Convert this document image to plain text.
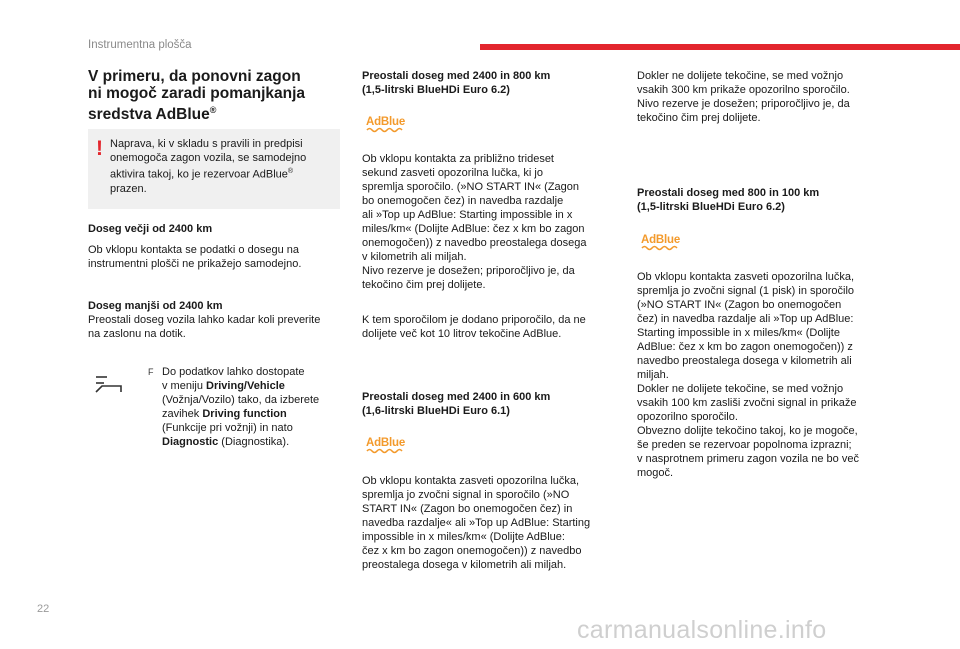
Instrumentna plošča
V primeru, da ponovni zagon
ni mogoč zaradi pomanjkanja
sredstva AdBlue®
! Naprava, ki v skladu s pravili in predpisi
onemogoča zagon vozila, se samodejno
aktivira takoj, ko je rezervoar AdBlue®
prazen.
Doseg večji od 2400 km
Ob vklopu kontakta se podatki o dosegu na
instrumentni plošči ne prikažejo samodejno.
Doseg manjši od 2400 km
Preostali doseg vozila lahko kadar koli preverite
na zaslonu na dotik.
F Do podatkov lahko dostopate
v meniju Driving/Vehicle
(Vožnja/Vozilo) tako, da izberete
zavihek Driving function
(Funkcije pri vožnji) in nato
Diagnostic (Diagnostika).
Preostali doseg med 2400 in 800 km
(1,5-litrski BlueHDi Euro 6.2)
AdBlue
Ob vklopu kontakta za približno trideset
sekund zasveti opozorilna lučka, ki jo
spremlja sporočilo. (»NO START IN« (Zagon
bo onemogočen čez) in navedba razdalje
ali »Top up AdBlue: Starting impossible in x
miles/km« (Dolijte AdBlue: čez x km bo zagon
onemogočen)) z navedbo preostalega dosega
v kilometrih ali miljah.
Nivo rezerve je dosežen; priporočljivo je, da
tekočino čim prej dolijete.
K tem sporočilom je dodano priporočilo, da ne
dolijete več kot 10 litrov tekočine AdBlue.
Preostali doseg med 2400 in 600 km
(1,6-litrski BlueHDi Euro 6.1)
AdBlue
Ob vklopu kontakta zasveti opozorilna lučka,
spremlja jo zvočni signal in sporočilo (»NO
START IN« (Zagon bo onemogočen čez) in
navedba razdalje« ali »Top up AdBlue: Starting
impossible in x miles/km« (Dolijte AdBlue:
čez x km bo zagon onemogočen)) z navedbo
preostalega dosega v kilometrih ali miljah.
Dokler ne dolijete tekočine, se med vožnjo
vsakih 300 km prikaže opozorilno sporočilo.
Nivo rezerve je dosežen; priporočljivo je, da
tekočino čim prej dolijete.
Preostali doseg med 800 in 100 km
(1,5-litrski BlueHDi Euro 6.2)
AdBlue
Ob vklopu kontakta zasveti opozorilna lučka,
spremlja jo zvočni signal (1 pisk) in sporočilo
(»NO START IN« (Zagon bo onemogočen
čez) in navedba razdalje ali »Top up AdBlue:
Starting impossible in x miles/km« (Dolijte
AdBlue: čez x km bo zagon onemogočen)) z
navedbo preostalega dosega v kilometrih ali
miljah.
Dokler ne dolijete tekočine, se med vožnjo
vsakih 100 km zasliši zvočni signal in prikaže
opozorilno sporočilo.
Obvezno dolijte tekočino takoj, ko je mogoče,
še preden se rezervoar popolnoma izprazni;
v nasprotnem primeru zagon vozila ne bo več
mogoč.
22
carmanualsonline.info
